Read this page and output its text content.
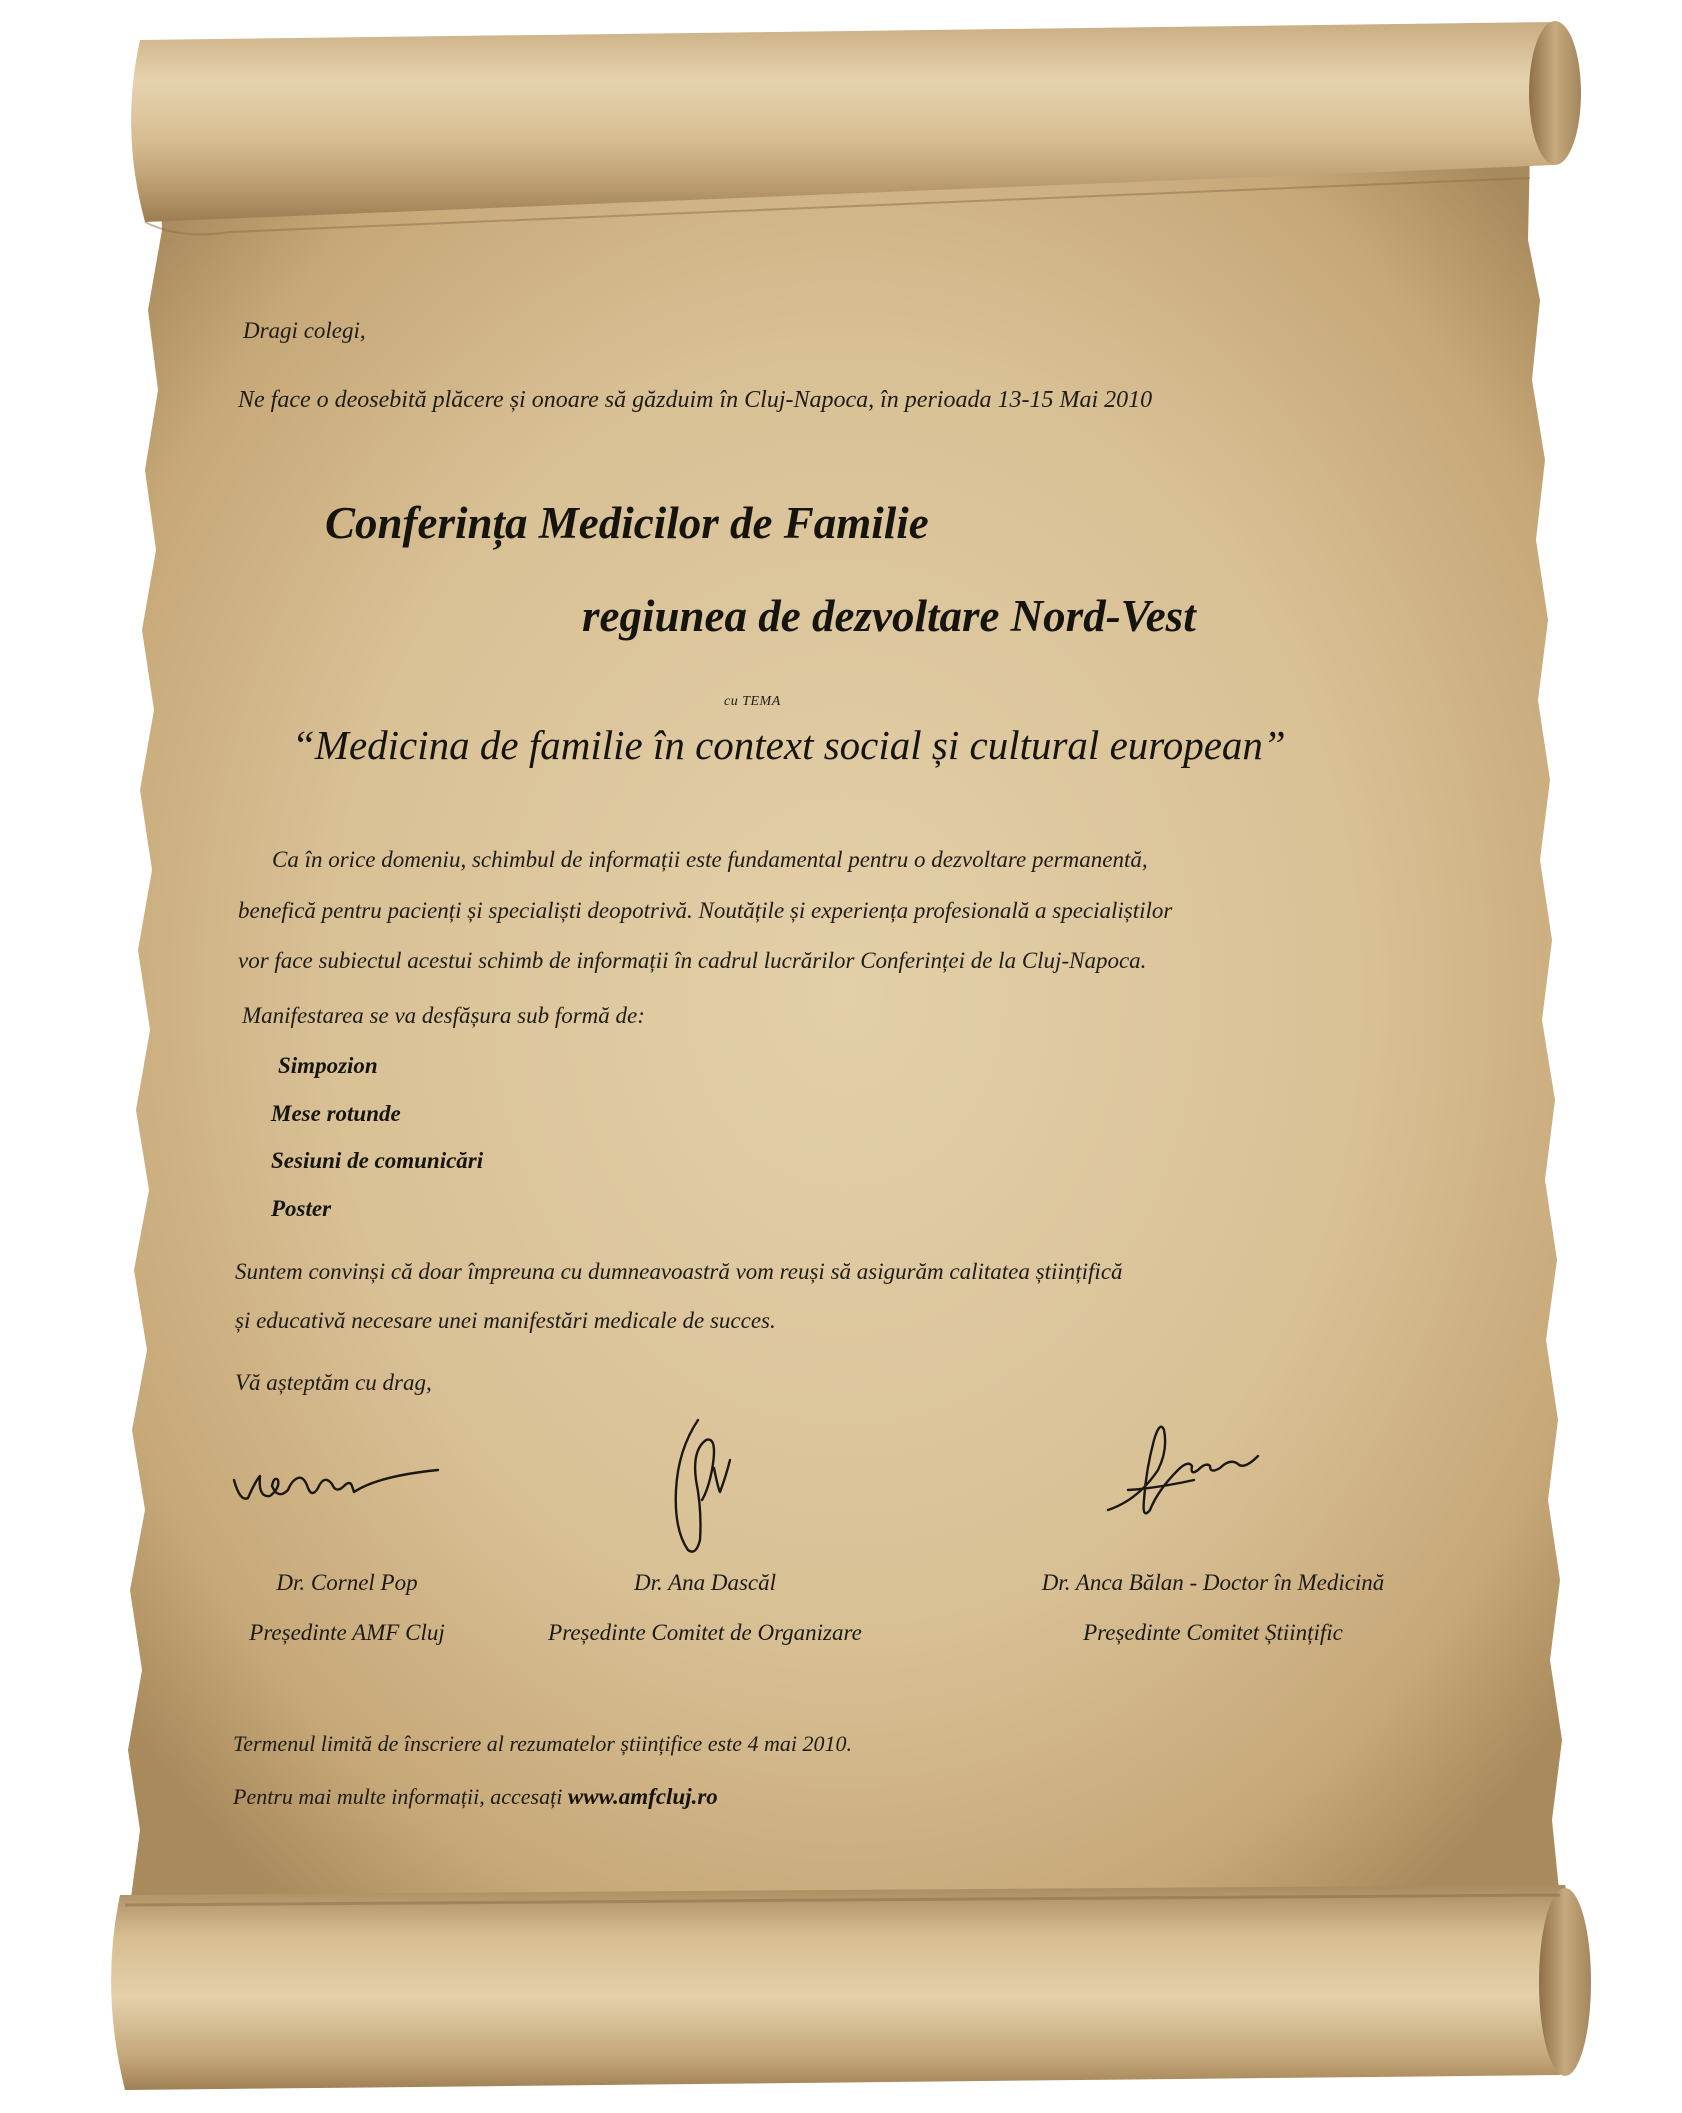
Dragi colegi,
Ne face o deosebită plăcere și onoare să găzduim în Cluj-Napoca, în perioada 13-15 Mai 2010
Conferința Medicilor de Familie
regiunea de dezvoltare Nord-Vest
cu TEMA
“Medicina de familie în context social și cultural european”
Ca în orice domeniu, schimbul de informații este fundamental pentru o dezvoltare permanentă,
benefică pentru pacienți și specialiști deopotrivă. Noutățile și experiența profesională a specialiștilor
vor face subiectul acestui schimb de informații în cadrul lucrărilor Conferinței de la Cluj-Napoca.
Manifestarea se va desfășura sub formă de:
Simpozion
Mese rotunde
Sesiuni de comunicări
Poster
Suntem convinși că doar împreuna cu dumneavoastră vom reuși să asigurăm calitatea științifică
și educativă necesare unei manifestări medicale de succes.
Vă așteptăm cu drag,
Dr. Cornel Pop
Președinte AMF Cluj
Dr. Ana Dascăl
Președinte Comitet de Organizare
Dr. Anca Bălan - Doctor în Medicină
Președinte Comitet Științific
Termenul limită de înscriere al rezumatelor științifice este 4 mai 2010.
Pentru mai multe informații, accesați www.amfcluj.ro
